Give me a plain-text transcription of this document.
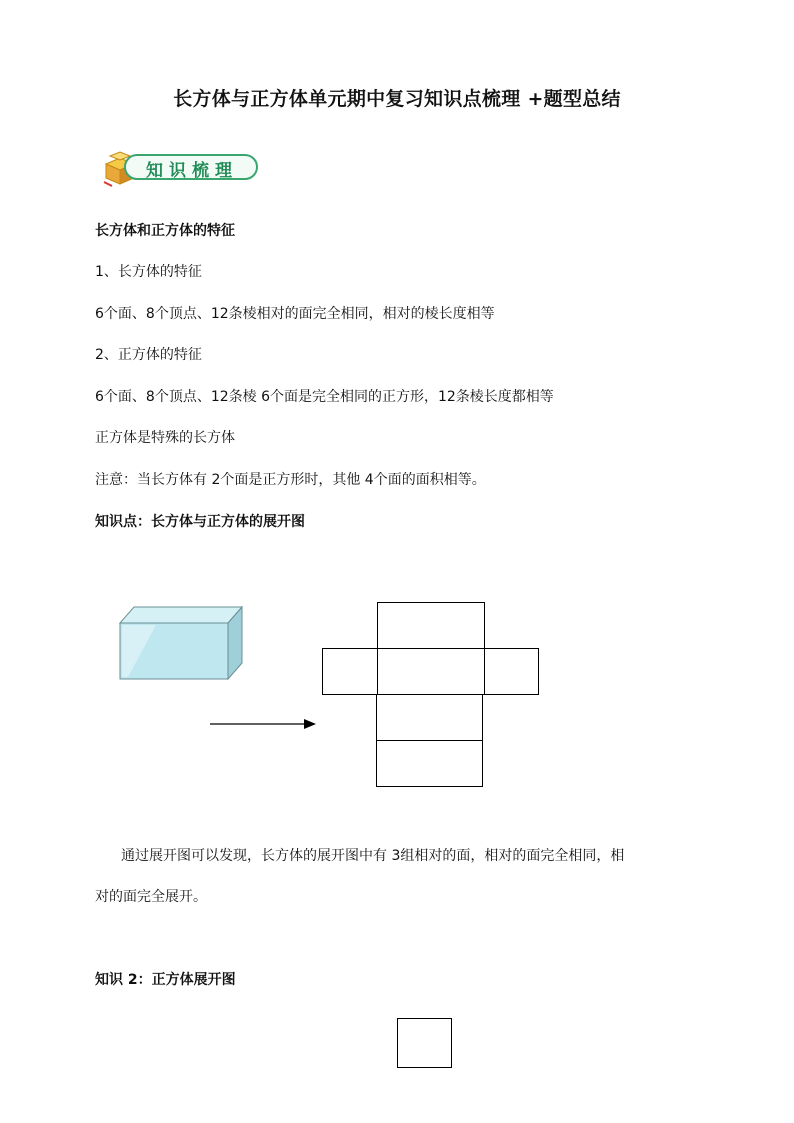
长方体与正方体单元期中复习知识点梳理 +题型总结
知识梳理
长方体和正方体的特征
1、长方体的特征
6个面、8个顶点、12条棱相对的面完全相同，相对的棱长度相等
2、正方体的特征
6个面、8个顶点、12条棱 6个面是完全相同的正方形，12条棱长度都相等
正方体是特殊的长方体
注意：当长方体有 2个面是正方形时，其他 4个面的面积相等。
知识点：长方体与正方体的展开图
通过展开图可以发现，长方体的展开图中有 3组相对的面，相对的面完全相同，相
对的面完全展开。
知识 2：正方体展开图
